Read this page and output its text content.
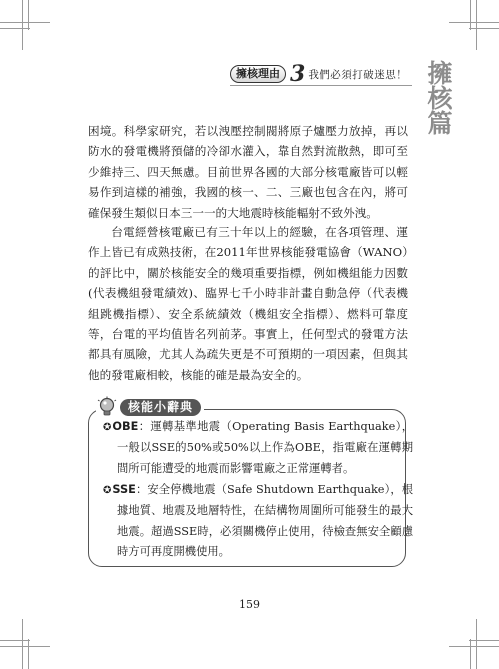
擁核理由 3 我們必須打破迷思！ 擁核篇

困境。科學家研究，若以洩壓控制閥將原子爐壓力放掉，再以防水的發電機將預儲的冷卻水灌入，靠自然對流散熱，即可至少維持三、四天無慮。目前世界各國的大部分核電廠皆可以輕易作到這樣的補強，我國的核一、二、三廠也包含在內，將可確保發生類似日本三一一的大地震時核能輻射不致外洩。

台電經營核電廠已有三十年以上的經驗，在各項管理、運作上皆已有成熟技術，在2011年世界核能發電協會（WANO）的評比中，關於核能安全的幾項重要指標，例如機組能力因數(代表機組發電績效)、臨界七千小時非計畫自動急停（代表機組跳機指標）、安全系統績效（機組安全指標）、燃料可靠度等，台電的平均值皆名列前茅。事實上，任何型式的發電方法都具有風險，尤其人為疏失更是不可預期的一項因素，但與其他的發電廠相較，核能的確是最為安全的。

核能小辭典

✪OBE：運轉基準地震（Operating Basis Earthquake），一般以SSE的50%或50%以上作為OBE，指電廠在運轉期間所可能遭受的地震而影響電廠之正常運轉者。

✪SSE：安全停機地震（Safe Shutdown Earthquake），根據地質、地震及地層特性，在結構物周圍所可能發生的最大地震。超過SSE時，必須關機停止使用，待檢查無安全顧慮時方可再度開機使用。

159
